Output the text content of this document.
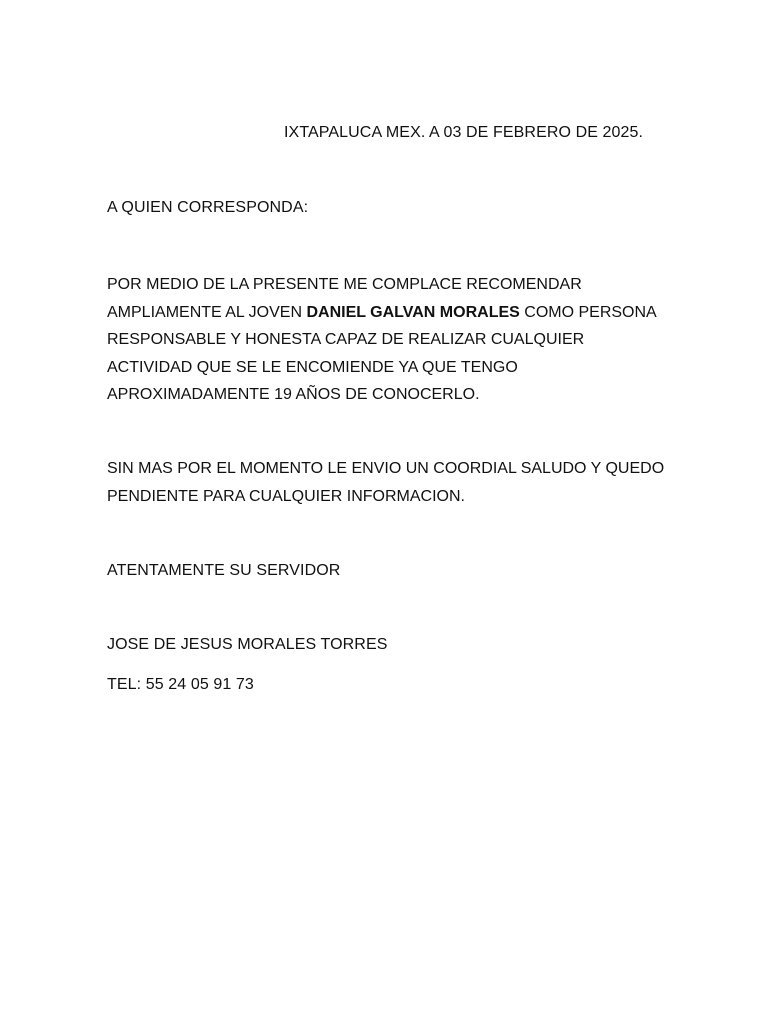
IXTAPALUCA MEX. A 03 DE FEBRERO DE 2025.
A QUIEN CORRESPONDA:
POR MEDIO DE LA PRESENTE ME COMPLACE RECOMENDAR AMPLIAMENTE AL JOVEN DANIEL GALVAN MORALES COMO PERSONA RESPONSABLE Y HONESTA CAPAZ DE REALIZAR CUALQUIER ACTIVIDAD QUE SE LE ENCOMIENDE YA QUE TENGO APROXIMADAMENTE 19 AÑOS DE CONOCERLO.
SIN MAS POR EL MOMENTO LE ENVIO UN COORDIAL SALUDO Y QUEDO PENDIENTE PARA CUALQUIER INFORMACION.
ATENTAMENTE SU SERVIDOR
JOSE DE JESUS MORALES TORRES
TEL: 55 24 05 91 73
